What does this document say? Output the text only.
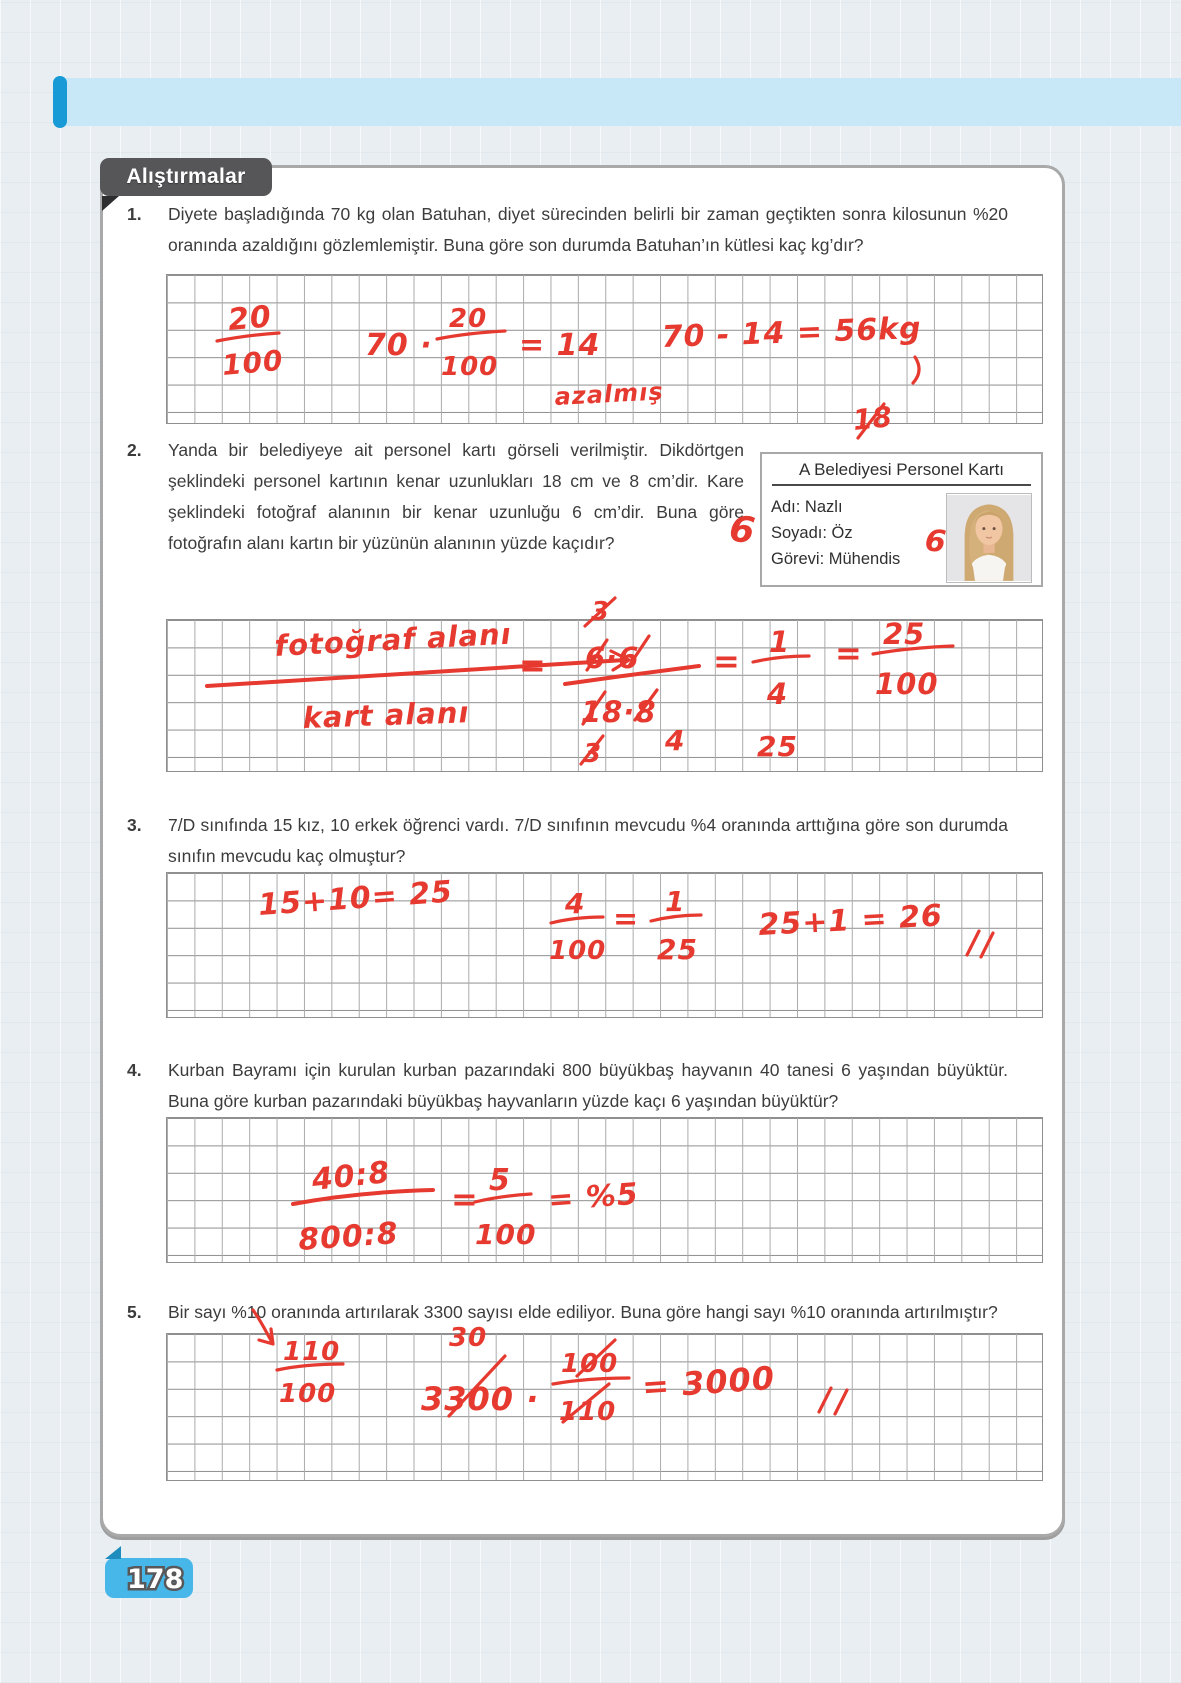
Alıştırmalar
1.	Diyete başladığında 70 kg olan Batuhan, diyet sürecinden belirli bir zaman geçtikten sonra kilosunun %20 oranında azaldığını gözlemlemiştir. Buna göre son durumda Batuhan’ın kütlesi kaç kg’dır?
20
100	70 ·
20
100
= 14
azalmış
70 - 14 = 56kg
2.
A Belediyesi Personel Kartı
Adı: Nazlı
Soyadı: Öz
Görevi: Mühendis
18
6	6
Yanda bir belediyeye ait personel kartı görseli verilmiştir. Dikdörtgen şeklindeki personel kartının kenar uzunlukları 18 cm ve 8 cm’dir. Kare şeklindeki fotoğraf alanının bir kenar uzunluğu 6 cm’dir. Buna göre fotoğrafın alanı kartın bir yüzünün alanının yüzde kaçıdır?
fotoğraf alanı
kart alanı
=
3
6·6
18·8
3 4
= 1
4
25
= 25
100
3.	7/D sınıfında 15 kız, 10 erkek öğrenci vardı. 7/D sınıfının mevcudu %4 oranında arttığına göre son durumda sınıfın mevcudu kaç olmuştur?
15+10= 25	4
100
=
1
25
25+1 = 26
4.	Kurban Bayramı için kurulan kurban pazarındaki 800 büyükbaş hayvanın 40 tanesi 6 yaşından büyüktür. Buna göre kurban pazarındaki büyükbaş hayvanların yüzde kaçı 6 yaşından büyüktür?
40:8
800:8
= 5
100
= %5
5.	Bir sayı %10 oranında artırılarak 3300 sayısı elde ediliyor. Buna göre hangi sayı %10 oranında artırılmıştır?
110
100
30
3300 ·
100
110
= 3000
178
